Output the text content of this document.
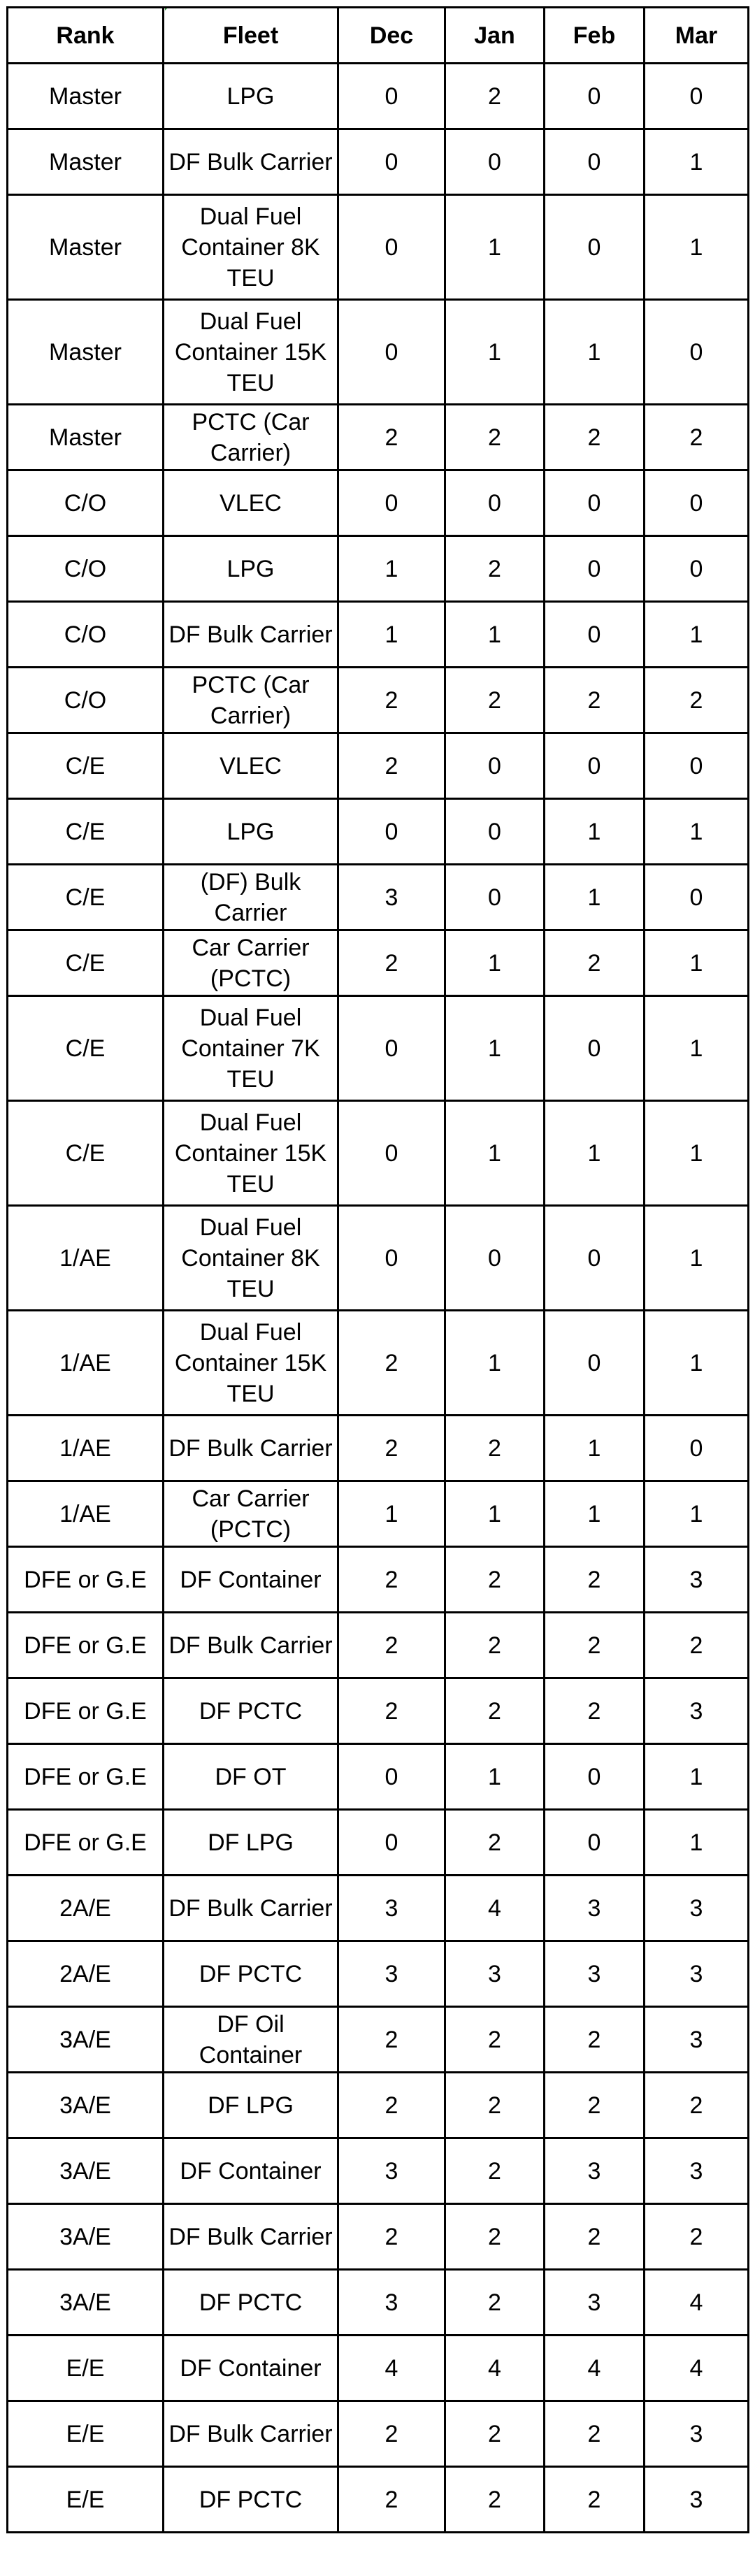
Rank	Fleet	Dec	Jan	Feb	Mar
Master	LPG	0	2	0	0
Master	DF Bulk Carrier	0	0	0	1
Master	Dual Fuel Container 8K TEU	0	1	0	1
Master	Dual Fuel Container 15K TEU	0	1	1	0
Master	PCTC (Car Carrier)	2	2	2	2
C/O	VLEC	0	0	0	0
C/O	LPG	1	2	0	0
C/O	DF Bulk Carrier	1	1	0	1
C/O	PCTC (Car Carrier)	2	2	2	2
C/E	VLEC	2	0	0	0
C/E	LPG	0	0	1	1
C/E	(DF) Bulk Carrier	3	0	1	0
C/E	Car Carrier (PCTC)	2	1	2	1
C/E	Dual Fuel Container 7K TEU	0	1	0	1
C/E	Dual Fuel Container 15K TEU	0	1	1	1
1/AE	Dual Fuel Container 8K TEU	0	0	0	1
1/AE	Dual Fuel Container 15K TEU	2	1	0	1
1/AE	DF Bulk Carrier	2	2	1	0
1/AE	Car Carrier (PCTC)	1	1	1	1
DFE or G.E	DF Container	2	2	2	3
DFE or G.E	DF Bulk Carrier	2	2	2	2
DFE or G.E	DF PCTC	2	2	2	3
DFE or G.E	DF OT	0	1	0	1
DFE or G.E	DF LPG	0	2	0	1
2A/E	DF Bulk Carrier	3	4	3	3
2A/E	DF PCTC	3	3	3	3
3A/E	DF Oil Container	2	2	2	3
3A/E	DF LPG	2	2	2	2
3A/E	DF Container	3	2	3	3
3A/E	DF Bulk Carrier	2	2	2	2
3A/E	DF PCTC	3	2	3	4
E/E	DF Container	4	4	4	4
E/E	DF Bulk Carrier	2	2	2	3
E/E	DF PCTC	2	2	2	3
